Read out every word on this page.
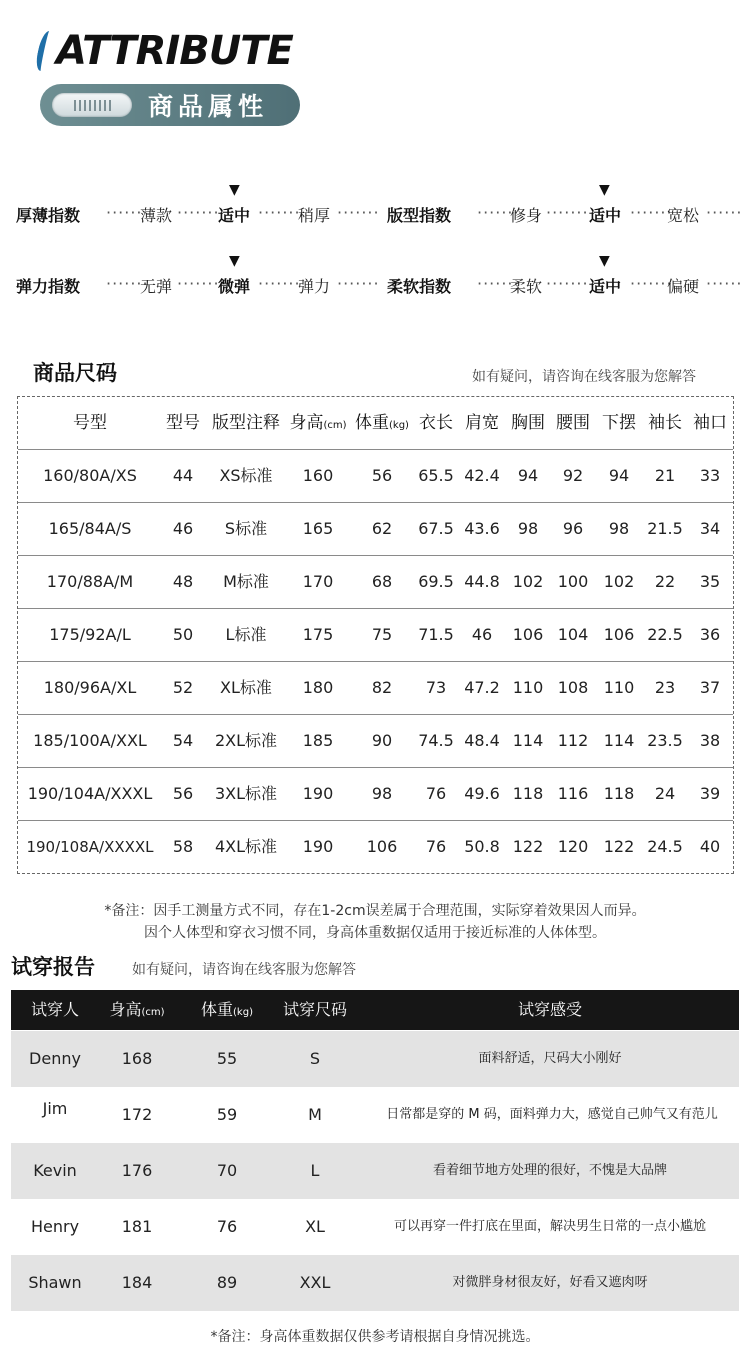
ATTRIBUTE
商品属性
▼
厚薄指数 ·······
薄款 ·······
适中 ·······
稍厚 ·······
▼
版型指数 ·······
修身 ······· 适中 ·······
宽松 ······
▼
弹力指数 ·······
无弹 ·······
微弹 ·······
弹力 ·······
▼
柔软指数 ·······
柔软 ······· 适中 ·······
偏硬 ······
商品尺码	如有疑问，请咨询在线客服为您解答
号型	型号 版型注释 身高(cm) 体重(kg) 衣长 肩宽 胸围 腰围 下摆 袖长 袖口
160/80A/XS	44	XS标准	160	56	65.5 42.4	94	92	94	21	33
165/84A/S	46	S标准	165	62	67.5 43.6	98	96	98	21.5	34
170/88A/M	48	M标准	170	68	69.5 44.8 102 100 102	22	35
175/92A/L	50	L标准	175	75	71.5	46	106 104 106 22.5	36
180/96A/XL	52	XL标准	180	82	73	47.2 110 108 110	23	37
185/100A/XXL	54	2XL标准	185	90	74.5 48.4 114 112 114 23.5	38
190/104A/XXXL	56	3XL标准	190	98	76	49.6 118 116 118	24	39
190/108A/XXXXL	58	4XL标准	190	106	76	50.8 122 120 122 24.5	40
*备注：因手工测量方式不同，存在1-2cm误差属于合理范围，实际穿着效果因人而异。
因个人体型和穿衣习惯不同，身高体重数据仅适用于接近标准的人体体型。
试穿报告	如有疑问，请咨询在线客服为您解答
试穿人	身高(cm)	体重(kg)	试穿尺码	试穿感受
Denny	168	55	S	面料舒适，尺码大小刚好
Jim	172	59	M	日常都是穿的 M 码，面料弹力大，感觉自己帅气又有范儿
Kevin	176	70	L	看着细节地方处理的很好，不愧是大品牌
Henry	181	76	XL	可以再穿一件打底在里面，解决男生日常的一点小尴尬
Shawn	184	89	XXL	对微胖身材很友好，好看又遮肉呀
*备注：身高体重数据仅供参考请根据自身情况挑选。
